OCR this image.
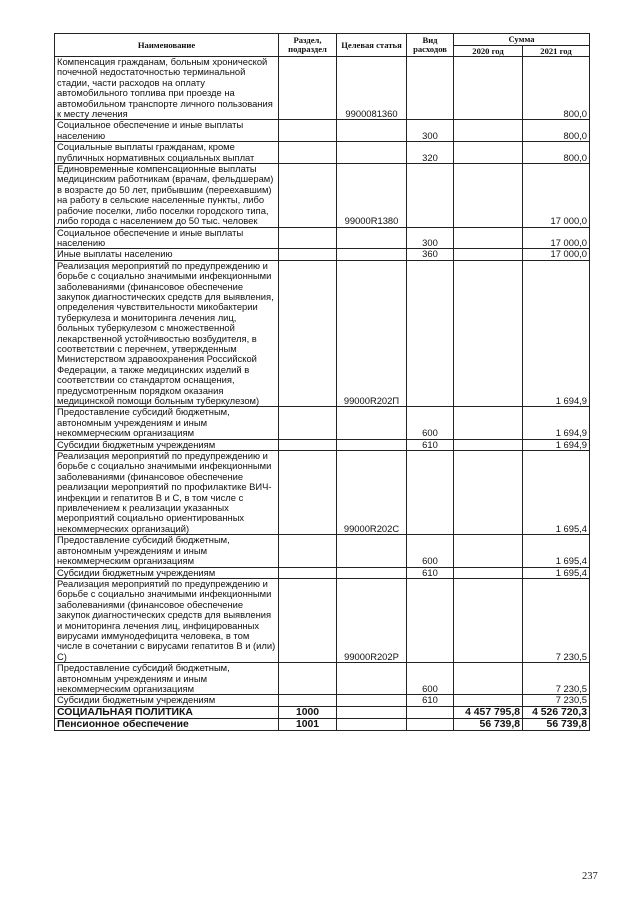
Наименование	Раздел, подраздел	Целевая статья	Вид расходов	Сумма	
				2020 год	2021 год
Компенсация гражданам, больным хронической почечной недостаточностью терминальной стадии, части расходов на оплату автомобильного топлива при проезде на автомобильном транспорте личного пользования к месту лечения		9900081360			800,0
Социальное обеспечение и иные выплаты населению			300		800,0
Социальные выплаты гражданам, кроме публичных нормативных социальных выплат			320		800,0
Единовременные компенсационные выплаты медицинским работникам (врачам, фельдшерам) в возрасте до 50 лет, прибывшим (переехавшим) на работу в сельские населенные пункты, либо рабочие поселки, либо поселки городского типа, либо города с населением до 50 тыс. человек		99000R1380			17 000,0
Социальное обеспечение и иные выплаты населению			300		17 000,0
Иные выплаты населению			360		17 000,0
Реализация мероприятий по предупреждению и борьбе с социально значимыми инфекционными заболеваниями (финансовое обеспечение закупок диагностических средств для выявления, определения чувствительности микобактерии туберкулеза и мониторинга лечения лиц, больных туберкулезом с множественной лекарственной устойчивостью возбудителя, в соответствии с перечнем, утвержденным Министерством здравоохранения Российской Федерации, а также медицинских изделий в соответствии со стандартом оснащения, предусмотренным порядком оказания медицинской помощи больным туберкулезом)		99000R202П			1 694,9
Предоставление субсидий бюджетным, автономным учреждениям и иным некоммерческим организациям			600		1 694,9
Субсидии бюджетным учреждениям			610		1 694,9
Реализация мероприятий по предупреждению и борьбе с социально значимыми инфекционными заболеваниями (финансовое обеспечение реализации мероприятий по профилактике ВИЧ- инфекции и гепатитов В и С, в том числе с привлечением к реализации указанных мероприятий социально ориентированных некоммерческих организаций)		99000R202С			1 695,4
Предоставление субсидий бюджетным, автономным учреждениям и иным некоммерческим организациям			600		1 695,4
Субсидии бюджетным учреждениям			610		1 695,4
Реализация мероприятий по предупреждению и борьбе с социально значимыми инфекционными заболеваниями (финансовое обеспечение закупок диагностических средств для выявления и мониторинга лечения лиц, инфицированных вирусами иммунодефицита человека, в том числе в сочетании с вирусами гепатитов В и (или) С)		99000R202Р			7 230,5
Предоставление субсидий бюджетным, автономным учреждениям и иным некоммерческим организациям			600		7 230,5
Субсидии бюджетным учреждениям			610		7 230,5
СОЦИАЛЬНАЯ ПОЛИТИКА	1000			4 457 795,8	4 526 720,3
Пенсионное обеспечение	1001			56 739,8	56 739,8
237
